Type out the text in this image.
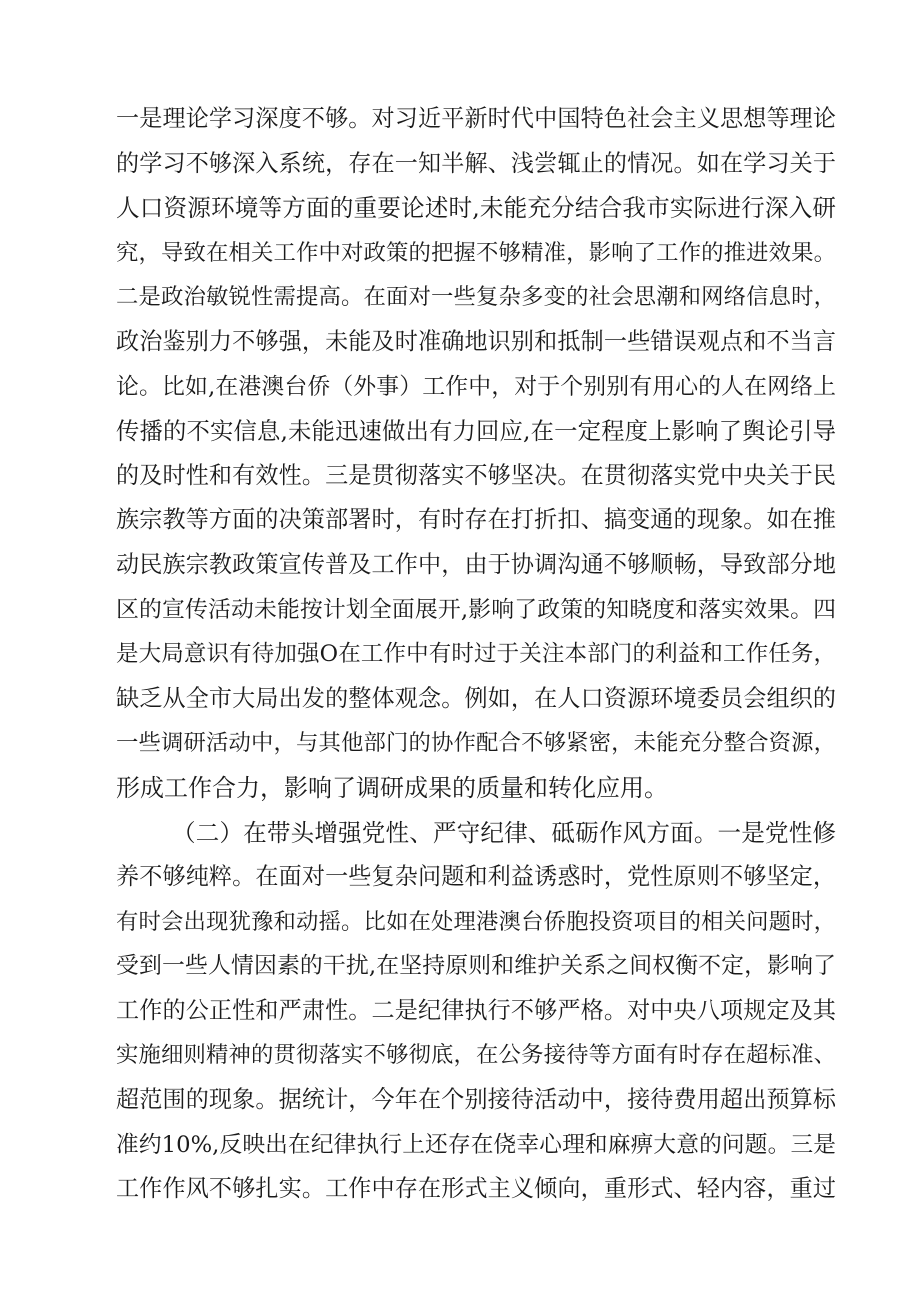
一是理论学习深度不够。对习近平新时代中国特色社会主义思想等理论
的学习不够深入系统，存在一知半解、浅尝辄止的情况。如在学习关于
人口资源环境等方面的重要论述时,未能充分结合我市实际进行深入研
究，导致在相关工作中对政策的把握不够精准，影响了工作的推进效果。
二是政治敏锐性需提高。在面对一些复杂多变的社会思潮和网络信息时，
政治鉴别力不够强，未能及时准确地识别和抵制一些错误观点和不当言
论。比如,在港澳台侨（外事）工作中，对于个别别有用心的人在网络上
传播的不实信息,未能迅速做出有力回应,在一定程度上影响了舆论引导
的及时性和有效性。三是贯彻落实不够坚决。在贯彻落实党中央关于民
族宗教等方面的决策部署时，有时存在打折扣、搞变通的现象。如在推
动民族宗教政策宣传普及工作中，由于协调沟通不够顺畅，导致部分地
区的宣传活动未能按计划全面展开,影响了政策的知晓度和落实效果。四
是大局意识有待加强O在工作中有时过于关注本部门的利益和工作任务，
缺乏从全市大局出发的整体观念。例如，在人口资源环境委员会组织的
一些调研活动中，与其他部门的协作配合不够紧密，未能充分整合资源，
形成工作合力，影响了调研成果的质量和转化应用。
（二）在带头增强党性、严守纪律、砥砺作风方面。一是党性修
养不够纯粹。在面对一些复杂问题和利益诱惑时，党性原则不够坚定，
有时会出现犹豫和动摇。比如在处理港澳台侨胞投资项目的相关问题时，
受到一些人情因素的干扰,在坚持原则和维护关系之间权衡不定，影响了
工作的公正性和严肃性。二是纪律执行不够严格。对中央八项规定及其
实施细则精神的贯彻落实不够彻底，在公务接待等方面有时存在超标准、
超范围的现象。据统计，今年在个别接待活动中，接待费用超出预算标
准约10%,反映出在纪律执行上还存在侥幸心理和麻痹大意的问题。三是
工作作风不够扎实。工作中存在形式主义倾向，重形式、轻内容，重过
